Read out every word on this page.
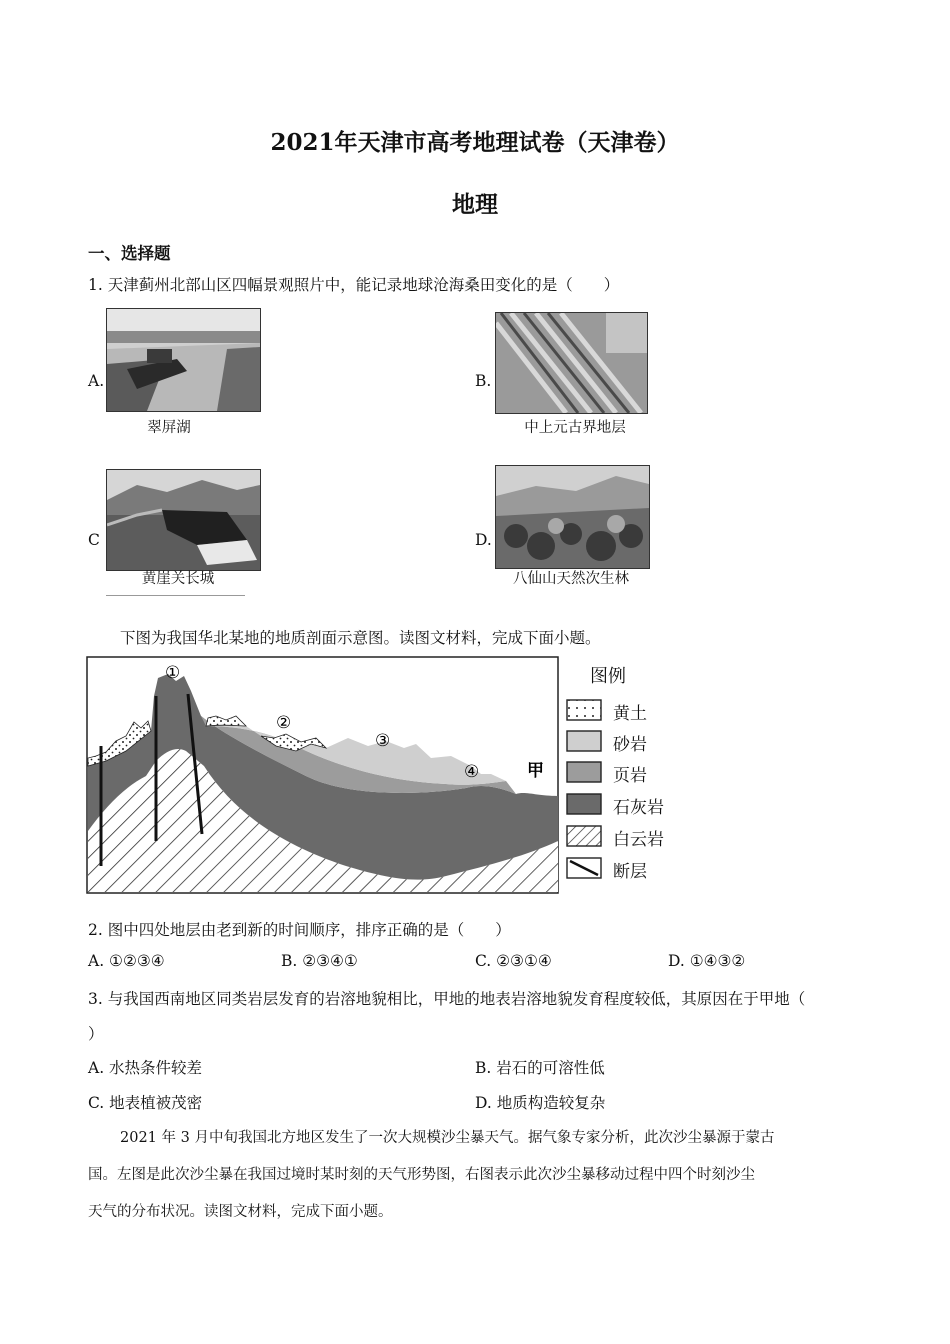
2021年天津市高考地理试卷（天津卷）
地理
一、选择题
1. 天津蓟州北部山区四幅景观照片中，能记录地球沧海桑田变化的是（　　）
A.
翠屏湖
B.
中上元古界地层
C
黄崖关长城
D.
八仙山天然次生林
下图为我国华北某地的地质剖面示意图。读图文材料，完成下面小题。
①
②
③
④	甲
图例
黄土
砂岩
页岩
石灰岩
白云岩
断层
2. 图中四处地层由老到新的时间顺序，排序正确的是（　　）
A. ①②③④	B. ②③④①	C. ②③①④	D. ①④③②
3. 与我国西南地区同类岩层发育的岩溶地貌相比，甲地的地表岩溶地貌发育程度较低，其原因在于甲地（
）
A. 水热条件较差	B. 岩石的可溶性低
C. 地表植被茂密	D. 地质构造较复杂
2021 年 3 月中旬我国北方地区发生了一次大规模沙尘暴天气。据气象专家分析，此次沙尘暴源于蒙古
国。左图是此次沙尘暴在我国过境时某时刻的天气形势图，右图表示此次沙尘暴移动过程中四个时刻沙尘
天气的分布状况。读图文材料，完成下面小题。
